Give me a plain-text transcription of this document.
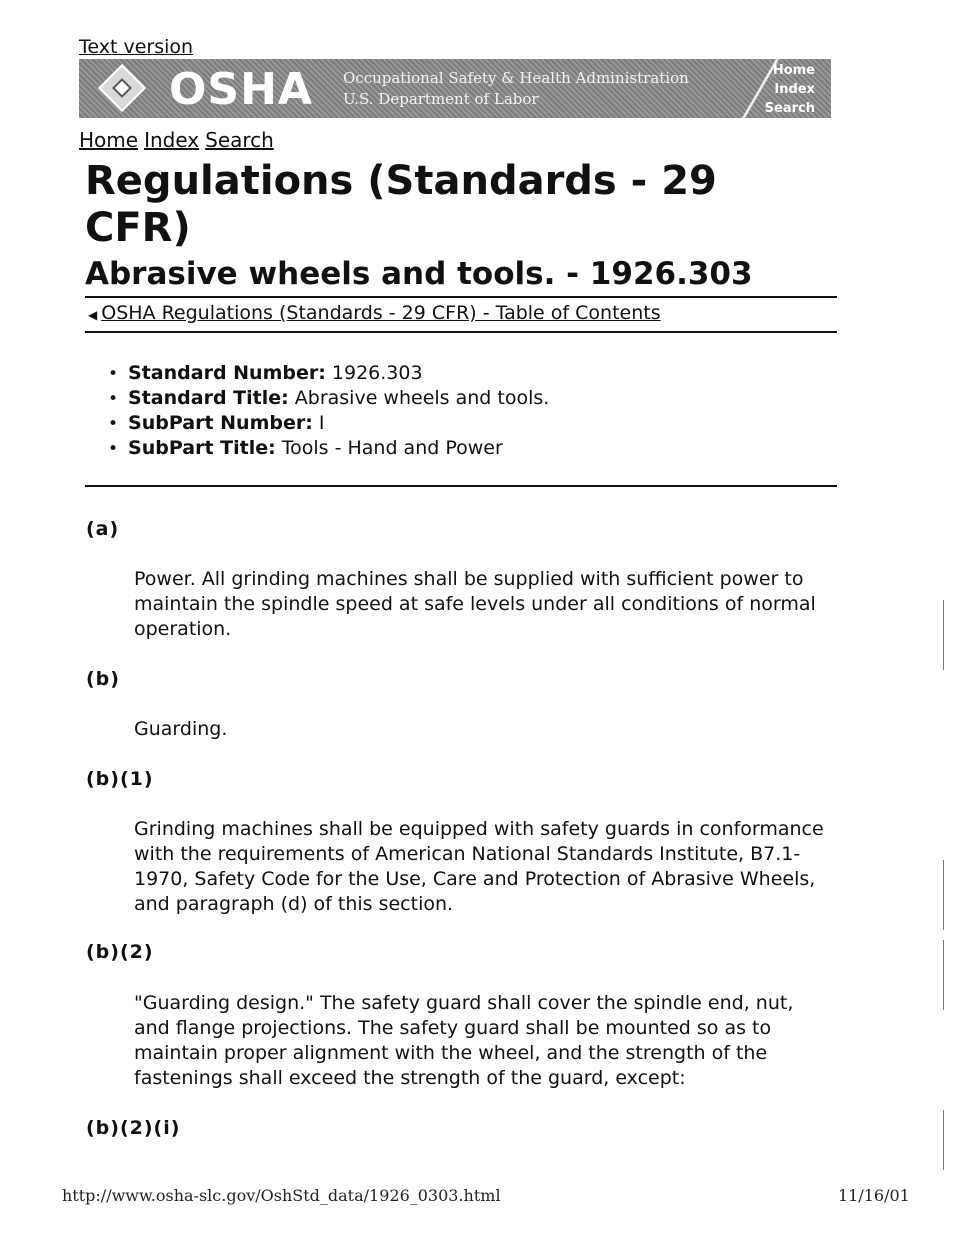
Text version
OSHA Occupational Safety & Health Administration
U.S. Department of Labor
Home
Index
Search
Home Index Search
Regulations (Standards - 29 CFR)
Abrasive wheels and tools. - 1926.303
◀ OSHA Regulations (Standards - 29 CFR) - Table of Contents
• Standard Number: 1926.303
• Standard Title: Abrasive wheels and tools.
• SubPart Number: I
• SubPart Title: Tools - Hand and Power
(a)
Power. All grinding machines shall be supplied with sufficient power to maintain the spindle speed at safe levels under all conditions of normal operation.
(b)
Guarding.
(b)(1)
Grinding machines shall be equipped with safety guards in conformance with the requirements of American National Standards Institute, B7.1-1970, Safety Code for the Use, Care and Protection of Abrasive Wheels, and paragraph (d) of this section.
(b)(2)
"Guarding design." The safety guard shall cover the spindle end, nut, and flange projections. The safety guard shall be mounted so as to maintain proper alignment with the wheel, and the strength of the fastenings shall exceed the strength of the guard, except:
(b)(2)(i)
http://www.osha-slc.gov/OshStd_data/1926_0303.html	11/16/01
